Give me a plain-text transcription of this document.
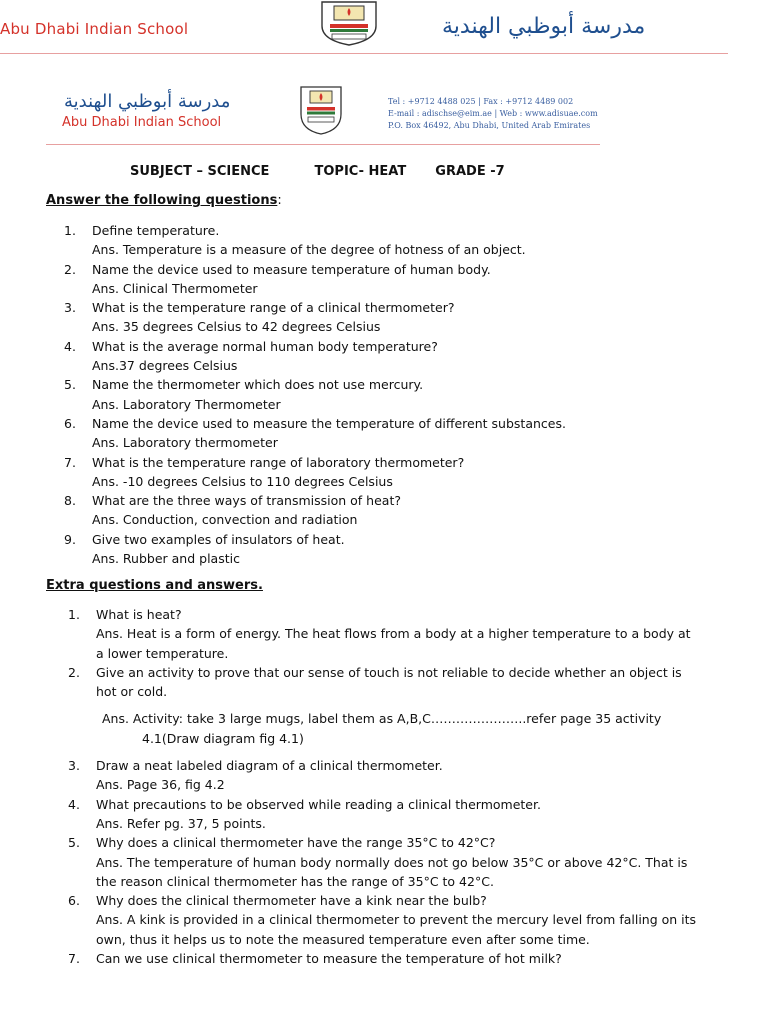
Abu Dhabi Indian School	مدرسة أبوظبي الهندية
مدرسة أبوظبي الهندية
Abu Dhabi Indian School
Tel : +9712 4488 025 | Fax : +9712 4489 002
E-mail : adischse@eim.ae | Web : www.adisuae.com
P.O. Box 46492, Abu Dhabi, United Arab Emirates
SUBJECT – SCIENCE	TOPIC- HEAT GRADE -7
Answer the following questions:
1. Define temperature.
Ans. Temperature is a measure of the degree of hotness of an object.
2. Name the device used to measure temperature of human body.
Ans. Clinical Thermometer
3. What is the temperature range of a clinical thermometer?
Ans. 35 degrees Celsius to 42 degrees Celsius
4. What is the average normal human body temperature?
Ans.37 degrees Celsius
5. Name the thermometer which does not use mercury.
Ans. Laboratory Thermometer
6. Name the device used to measure the temperature of different substances.
Ans. Laboratory thermometer
7. What is the temperature range of laboratory thermometer?
Ans. -10 degrees Celsius to 110 degrees Celsius
8. What are the three ways of transmission of heat?
Ans. Conduction, convection and radiation
9. Give two examples of insulators of heat.
Ans. Rubber and plastic
Extra questions and answers.
1. What is heat?
Ans. Heat is a form of energy. The heat flows from a body at a higher temperature to a body at a lower temperature.
2. Give an activity to prove that our sense of touch is not reliable to decide whether an object is hot or cold.
Ans. Activity: take 3 large mugs, label them as A,B,C…………………..refer page 35 activity
4.1(Draw diagram fig 4.1)
3. Draw a neat labeled diagram of a clinical thermometer.
Ans. Page 36, fig 4.2
4. What precautions to be observed while reading a clinical thermometer.
Ans. Refer pg. 37, 5 points.
5. Why does a clinical thermometer have the range 35°C to 42°C?
Ans. The temperature of human body normally does not go below 35°C or above 42°C. That is the reason clinical thermometer has the range of 35°C to 42°C.
6. Why does the clinical thermometer have a kink near the bulb?
Ans. A kink is provided in a clinical thermometer to prevent the mercury level from falling on its own, thus it helps us to note the measured temperature even after some time.
7. Can we use clinical thermometer to measure the temperature of hot milk?
